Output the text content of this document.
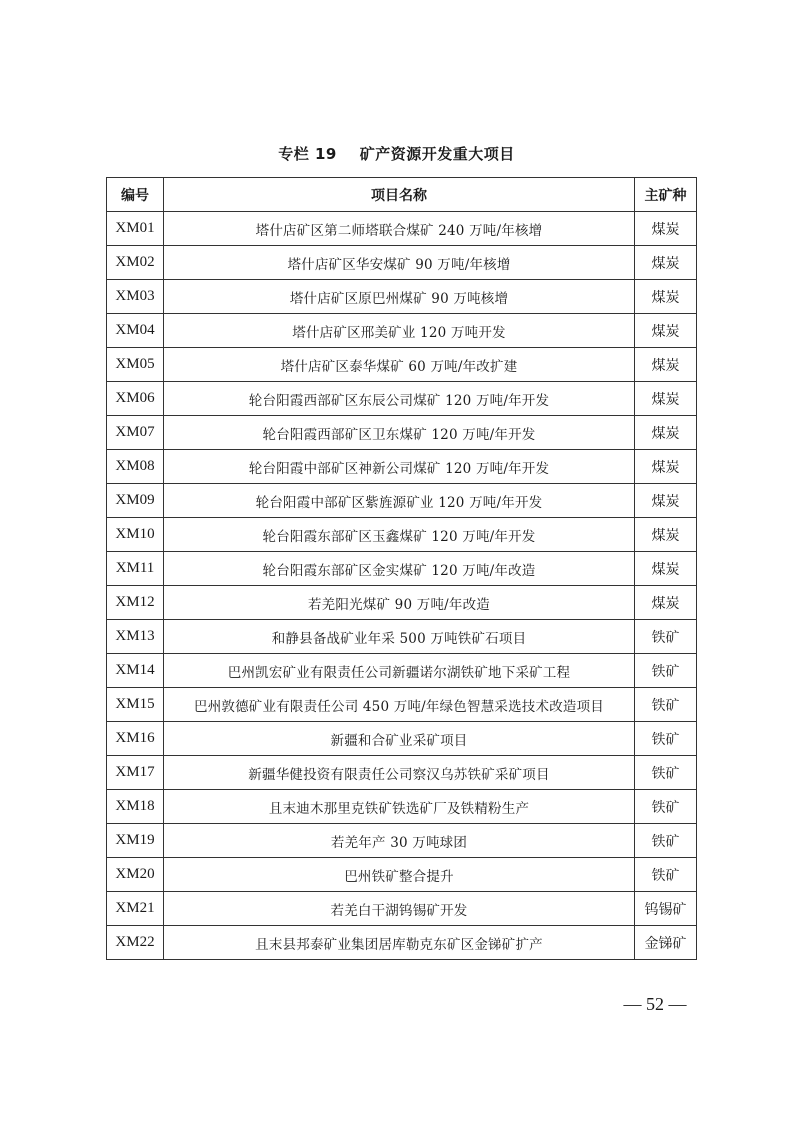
专栏 19    矿产资源开发重大项目
编号	项目名称	主矿种
XM01	塔什店矿区第二师塔联合煤矿 240 万吨/年核增	煤炭
XM02	塔什店矿区华安煤矿 90 万吨/年核增	煤炭
XM03	塔什店矿区原巴州煤矿 90 万吨核增	煤炭
XM04	塔什店矿区邢美矿业 120 万吨开发	煤炭
XM05	塔什店矿区泰华煤矿 60 万吨/年改扩建	煤炭
XM06	轮台阳霞西部矿区东辰公司煤矿 120 万吨/年开发	煤炭
XM07	轮台阳霞西部矿区卫东煤矿 120 万吨/年开发	煤炭
XM08	轮台阳霞中部矿区神新公司煤矿 120 万吨/年开发	煤炭
XM09	轮台阳霞中部矿区紫旌源矿业 120 万吨/年开发	煤炭
XM10	轮台阳霞东部矿区玉鑫煤矿 120 万吨/年开发	煤炭
XM11	轮台阳霞东部矿区金实煤矿 120 万吨/年改造	煤炭
XM12	若羌阳光煤矿 90 万吨/年改造	煤炭
XM13	和静县备战矿业年采 500 万吨铁矿石项目	铁矿
XM14	巴州凯宏矿业有限责任公司新疆诺尔湖铁矿地下采矿工程	铁矿
XM15	巴州敦德矿业有限责任公司 450 万吨/年绿色智慧采选技术改造项目	铁矿
XM16	新疆和合矿业采矿项目	铁矿
XM17	新疆华健投资有限责任公司察汉乌苏铁矿采矿项目	铁矿
XM18	且末迪木那里克铁矿铁选矿厂及铁精粉生产	铁矿
XM19	若羌年产 30 万吨球团	铁矿
XM20	巴州铁矿整合提升	铁矿
XM21	若羌白干湖钨锡矿开发	钨锡矿
XM22	且末县邦泰矿业集团居库勒克东矿区金锑矿扩产	金锑矿
— 52 —
